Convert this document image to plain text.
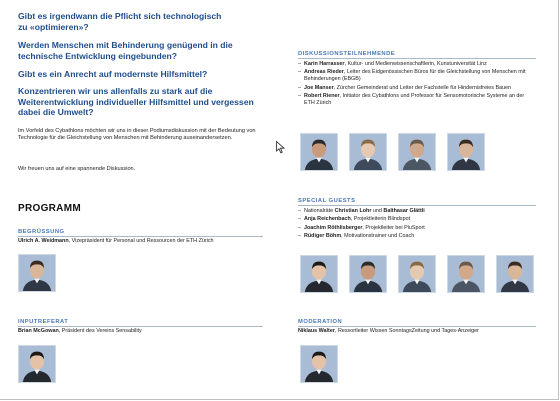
Gibt es irgendwann die Pflicht sich technologisch zu «optimieren»?
Werden Menschen mit Behinderung genügend in die technische Entwicklung eingebunden?
Gibt es ein Anrecht auf modernste Hilfsmittel?
Konzentrieren wir uns allenfalls zu stark auf die Weiterentwicklung individueller Hilfsmittel und vergessen dabei die Umwelt?
Im Vorfeld des Cybathlons möchten wir uns in dieser Podiumsdiskussion mit der Bedeutung von Technologie für die Gleichstellung von Menschen mit Behinderung auseinandersetzen.
Wir freuen uns auf eine spannende Diskussion.
PROGRAMM
BEGRÜSSUNG
Ulrich A. Weidmann, Vizepräsident für Personal und Ressourcen der ETH Zürich
INPUTREFERAT
Brian McGowan, Präsident des Vereins Sensability
DISKUSSIONSTEILNEHMENDE
– Karin Harrasser, Kultur- und Medienwissenschaftlerin, Kunstuniversität Linz
– Andreas Rieder, Leiter des Eidgenössischen Büros für die Gleichstellung von Menschen mit Behinderungen (EBGB)
– Joe Manser, Zürcher Gemeinderat und Leiter der Fachstelle für Hindernisfreies Bauen
– Robert Riener, Initiator des Cybathlons und Professor für Sensomotorische Systeme an der ETH Zürich
SPECIAL GUESTS
– Nationalräte Christian Lohr und Balthasar Glättli
– Anja Reichenbach, Projektleiterin Blindspot
– Joachim Röthlisberger, Projektleiter bei PluSport
– Rüdiger Böhm, Motivationstrainer und Coach
MODERATION
Niklaus Walter, Ressortleiter Wissen SonntagsZeitung und Tages-Anzeiger
